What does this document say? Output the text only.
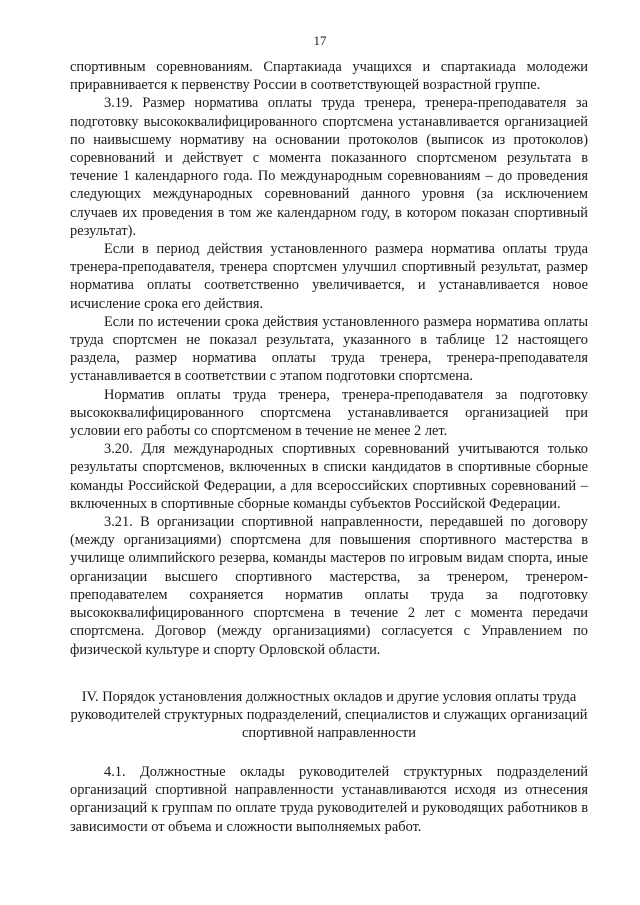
17

спортивным соревнованиям. Спартакиада учащихся и спартакиада молодежи приравнивается к первенству России в соответствующей возрастной группе.

3.19. Размер норматива оплаты труда тренера, тренера-преподавателя за подготовку высококвалифицированного спортсмена устанавливается организацией по наивысшему нормативу на основании протоколов (выписок из протоколов) соревнований и действует с момента показанного спортсменом результата в течение 1 календарного года. По международным соревнованиям – до проведения следующих международных соревнований данного уровня (за исключением случаев их проведения в том же календарном году, в котором показан спортивный результат).

Если в период действия установленного размера норматива оплаты труда тренера-преподавателя, тренера спортсмен улучшил спортивный результат, размер норматива оплаты соответственно увеличивается, и устанавливается новое исчисление срока его действия.

Если по истечении срока действия установленного размера норматива оплаты труда спортсмен не показал результата, указанного в таблице 12 настоящего раздела, размер норматива оплаты труда тренера, тренера-преподавателя устанавливается в соответствии с этапом подготовки спортсмена.

Норматив оплаты труда тренера, тренера-преподавателя за подготовку высококвалифицированного спортсмена устанавливается организацией при условии его работы со спортсменом в течение не менее 2 лет.

3.20. Для международных спортивных соревнований учитываются только результаты спортсменов, включенных в списки кандидатов в спортивные сборные команды Российской Федерации, а для всероссийских спортивных соревнований – включенных в спортивные сборные команды субъектов Российской Федерации.

3.21. В организации спортивной направленности, передавшей по договору (между организациями) спортсмена для повышения спортивного мастерства в училище олимпийского резерва, команды мастеров по игровым видам спорта, иные организации высшего спортивного мастерства, за тренером, тренером-преподавателем сохраняется норматив оплаты труда за подготовку высококвалифицированного спортсмена в течение 2 лет с момента передачи спортсмена. Договор (между организациями) согласуется с Управлением по физической культуре и спорту Орловской области.

IV. Порядок установления должностных окладов и другие условия оплаты труда руководителей структурных подразделений, специалистов и служащих организаций спортивной направленности

4.1. Должностные оклады руководителей структурных подразделений организаций спортивной направленности устанавливаются исходя из отнесения организаций к группам по оплате труда руководителей и руководящих работников в зависимости от объема и сложности выполняемых работ.
